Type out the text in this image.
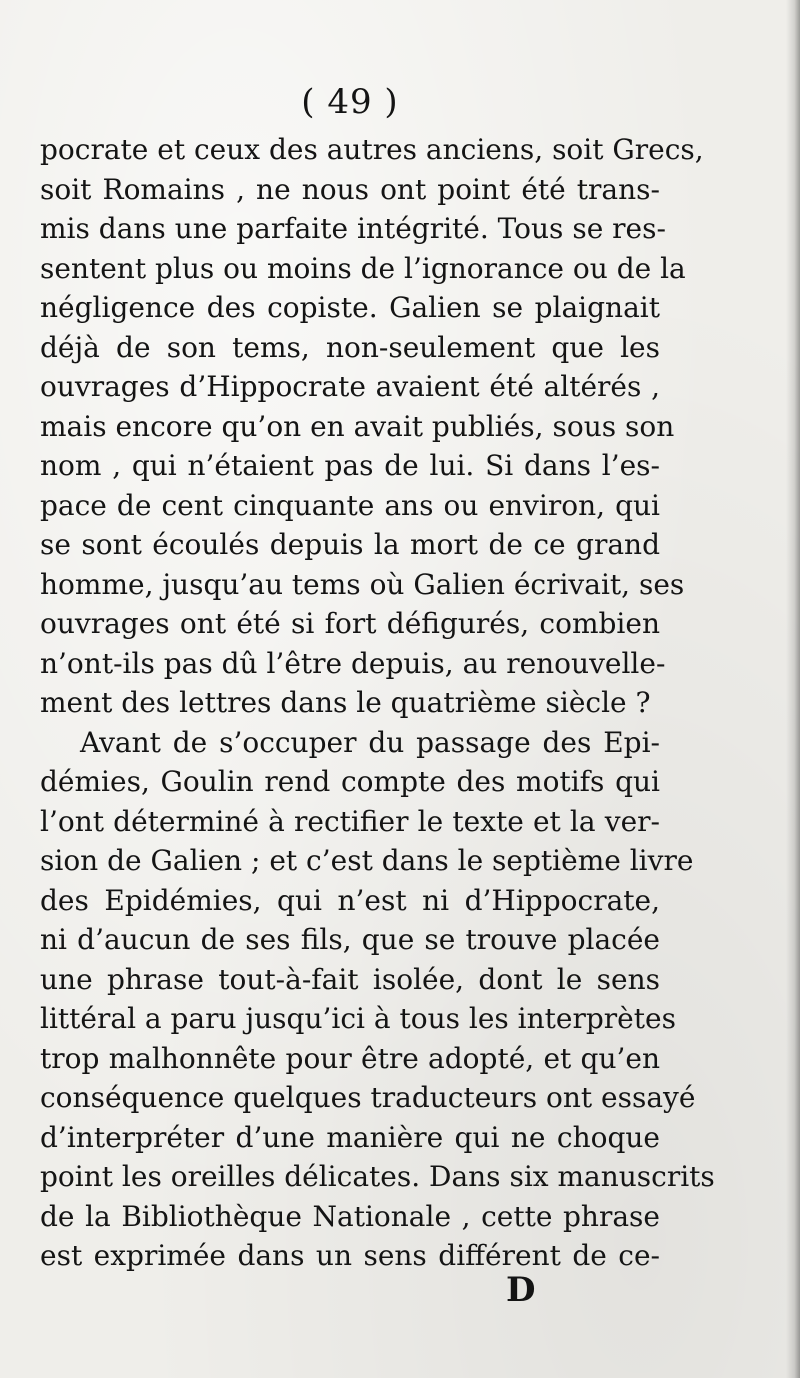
( 49 )
pocrate et ceux des autres anciens, soit Grecs,
soit Romains , ne nous ont point été trans-
mis dans une parfaite intégrité. Tous se res-
sentent plus ou moins de l’ignorance ou de la
négligence des copiste. Galien se plaignait
déjà de son tems, non-seulement que les
ouvrages d’Hippocrate avaient été altérés ,
mais encore qu’on en avait publiés, sous son
nom , qui n’étaient pas de lui. Si dans l’es-
pace de cent cinquante ans ou environ, qui
se sont écoulés depuis la mort de ce grand
homme, jusqu’au tems où Galien écrivait, ses
ouvrages ont été si fort défigurés, combien
n’ont-ils pas dû l’être depuis, au renouvelle-
ment des lettres dans le quatrième siècle ?
Avant de s’occuper du passage des Epi-
démies, Goulin rend compte des motifs qui
l’ont déterminé à rectifier le texte et la ver-
sion de Galien ; et c’est dans le septième livre
des Epidémies, qui n’est ni d’Hippocrate,
ni d’aucun de ses fils, que se trouve placée
une phrase tout-à-fait isolée, dont le sens
littéral a paru jusqu’ici à tous les interprètes
trop malhonnête pour être adopté, et qu’en
conséquence quelques traducteurs ont essayé
d’interpréter d’une manière qui ne choque
point les oreilles délicates. Dans six manuscrits
de la Bibliothèque Nationale , cette phrase
est exprimée dans un sens différent de ce-
D
